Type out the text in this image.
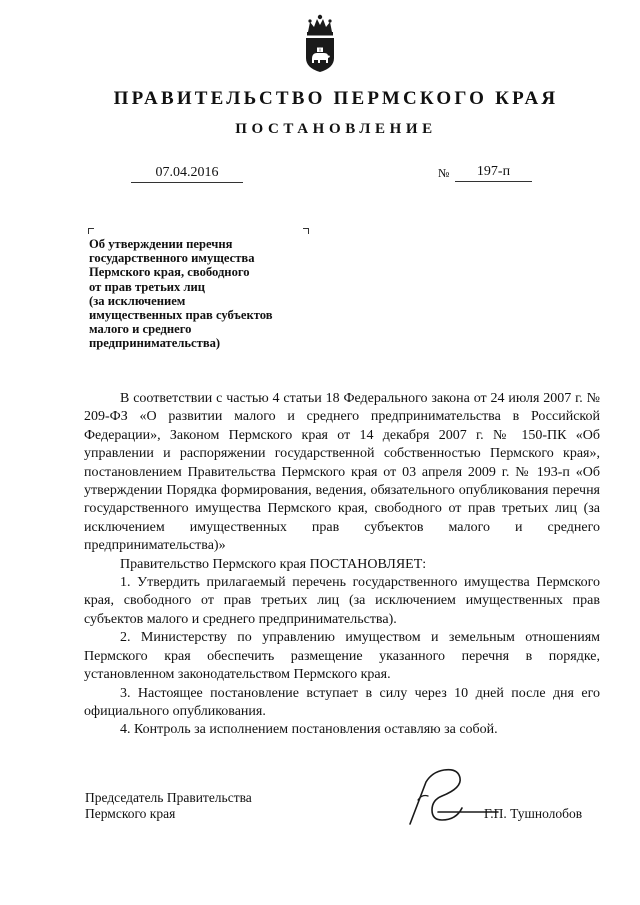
ПРАВИТЕЛЬСТВО ПЕРМСКОГО КРАЯ
ПОСТАНОВЛЕНИЕ
07.04.2016	№	197-п
Об утверждении перечня
государственного имущества
Пермского края, свободного
от прав третьих лиц
(за исключением
имущественных прав субъектов
малого и среднего
предпринимательства)

В соответствии с частью 4 статьи 18 Федерального закона от 24 июля 2007 г. № 209-ФЗ «О развитии малого и среднего предпринимательства в Российской Федерации», Законом Пермского края от 14 декабря 2007 г. № 150-ПК «Об управлении и распоряжении государственной собственностью Пермского края», постановлением Правительства Пермского края от 03 апреля 2009 г. № 193-п «Об утверждении Порядка формирования, ведения, обязательного опубликования перечня государственного имущества Пермского края, свободного от прав третьих лиц (за исключением имущественных прав субъектов малого и среднего предпринимательства)»

Правительство Пермского края ПОСТАНОВЛЯЕТ:

1. Утвердить прилагаемый перечень государственного имущества Пермского края, свободного от прав третьих лиц (за исключением имущественных прав субъектов малого и среднего предпринимательства).

2. Министерству по управлению имуществом и земельным отношениям Пермского края обеспечить размещение указанного перечня в порядке, установленном законодательством Пермского края.

3. Настоящее постановление вступает в силу через 10 дней после дня его официального опубликования.

4. Контроль за исполнением постановления оставляю за собой.

Председатель Правительства
Пермского края	Г.П. Тушнолобов
